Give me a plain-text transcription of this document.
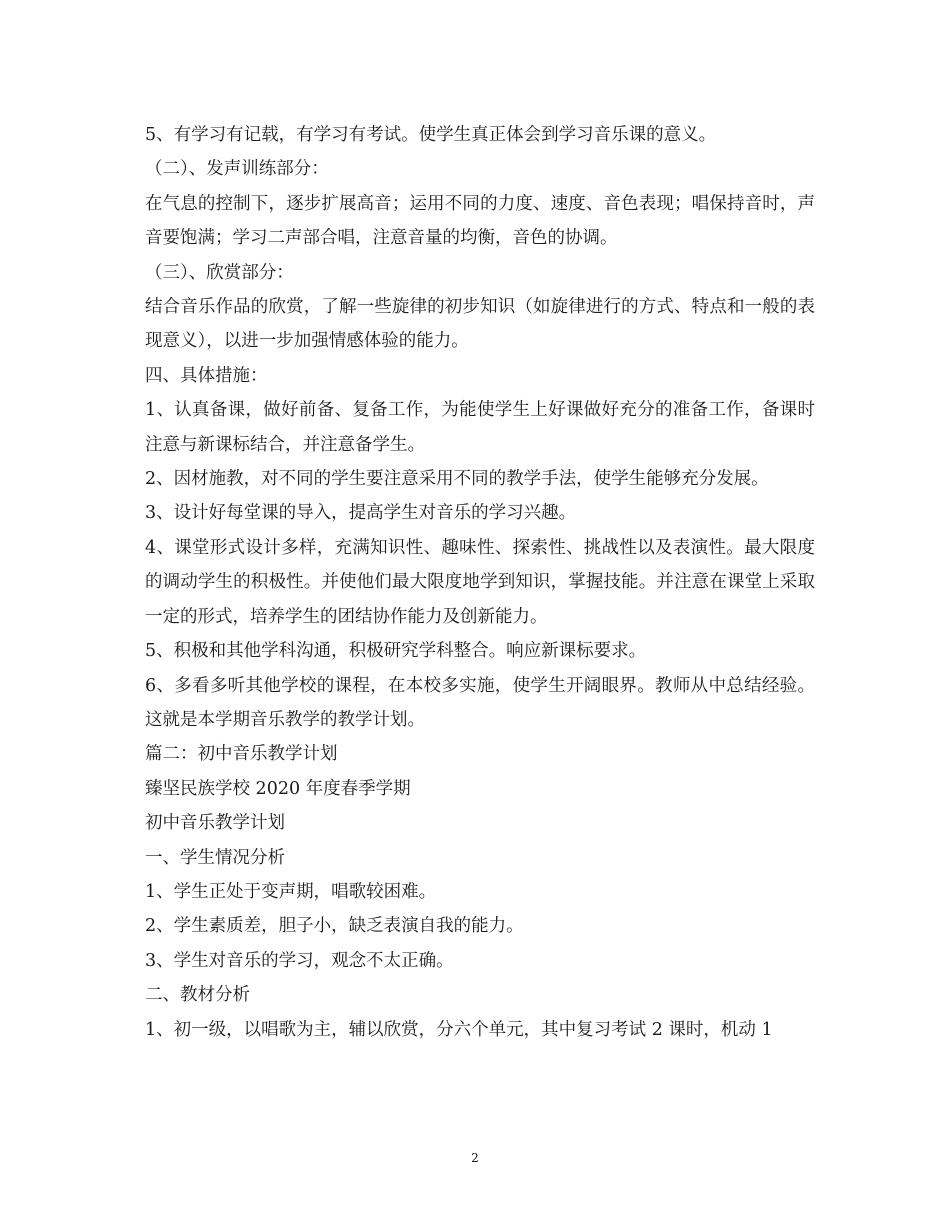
5、有学习有记载，有学习有考试。使学生真正体会到学习音乐课的意义。

（二）、发声训练部分：

在气息的控制下，逐步扩展高音；运用不同的力度、速度、音色表现；唱保持音时，声音要饱满；学习二声部合唱，注意音量的均衡，音色的协调。

（三）、欣赏部分：

结合音乐作品的欣赏，了解一些旋律的初步知识（如旋律进行的方式、特点和一般的表现意义），以进一步加强情感体验的能力。

四、具体措施：

1、认真备课，做好前备、复备工作，为能使学生上好课做好充分的准备工作，备课时注意与新课标结合，并注意备学生。

2、因材施教，对不同的学生要注意采用不同的教学手法，使学生能够充分发展。

3、设计好每堂课的导入，提高学生对音乐的学习兴趣。

4、课堂形式设计多样，充满知识性、趣味性、探索性、挑战性以及表演性。最大限度的调动学生的积极性。并使他们最大限度地学到知识，掌握技能。并注意在课堂上采取一定的形式，培养学生的团结协作能力及创新能力。

5、积极和其他学科沟通，积极研究学科整合。响应新课标要求。

6、多看多听其他学校的课程，在本校多实施，使学生开阔眼界。教师从中总结经验。这就是本学期音乐教学的教学计划。

篇二：初中音乐教学计划

臻坚民族学校 2020 年度春季学期

初中音乐教学计划

一、学生情况分析

1、学生正处于变声期，唱歌较困难。

2、学生素质差，胆子小，缺乏表演自我的能力。

3、学生对音乐的学习，观念不太正确。

二、教材分析

1、初一级，以唱歌为主，辅以欣赏，分六个单元，其中复习考试 2 课时，机动 1

2
